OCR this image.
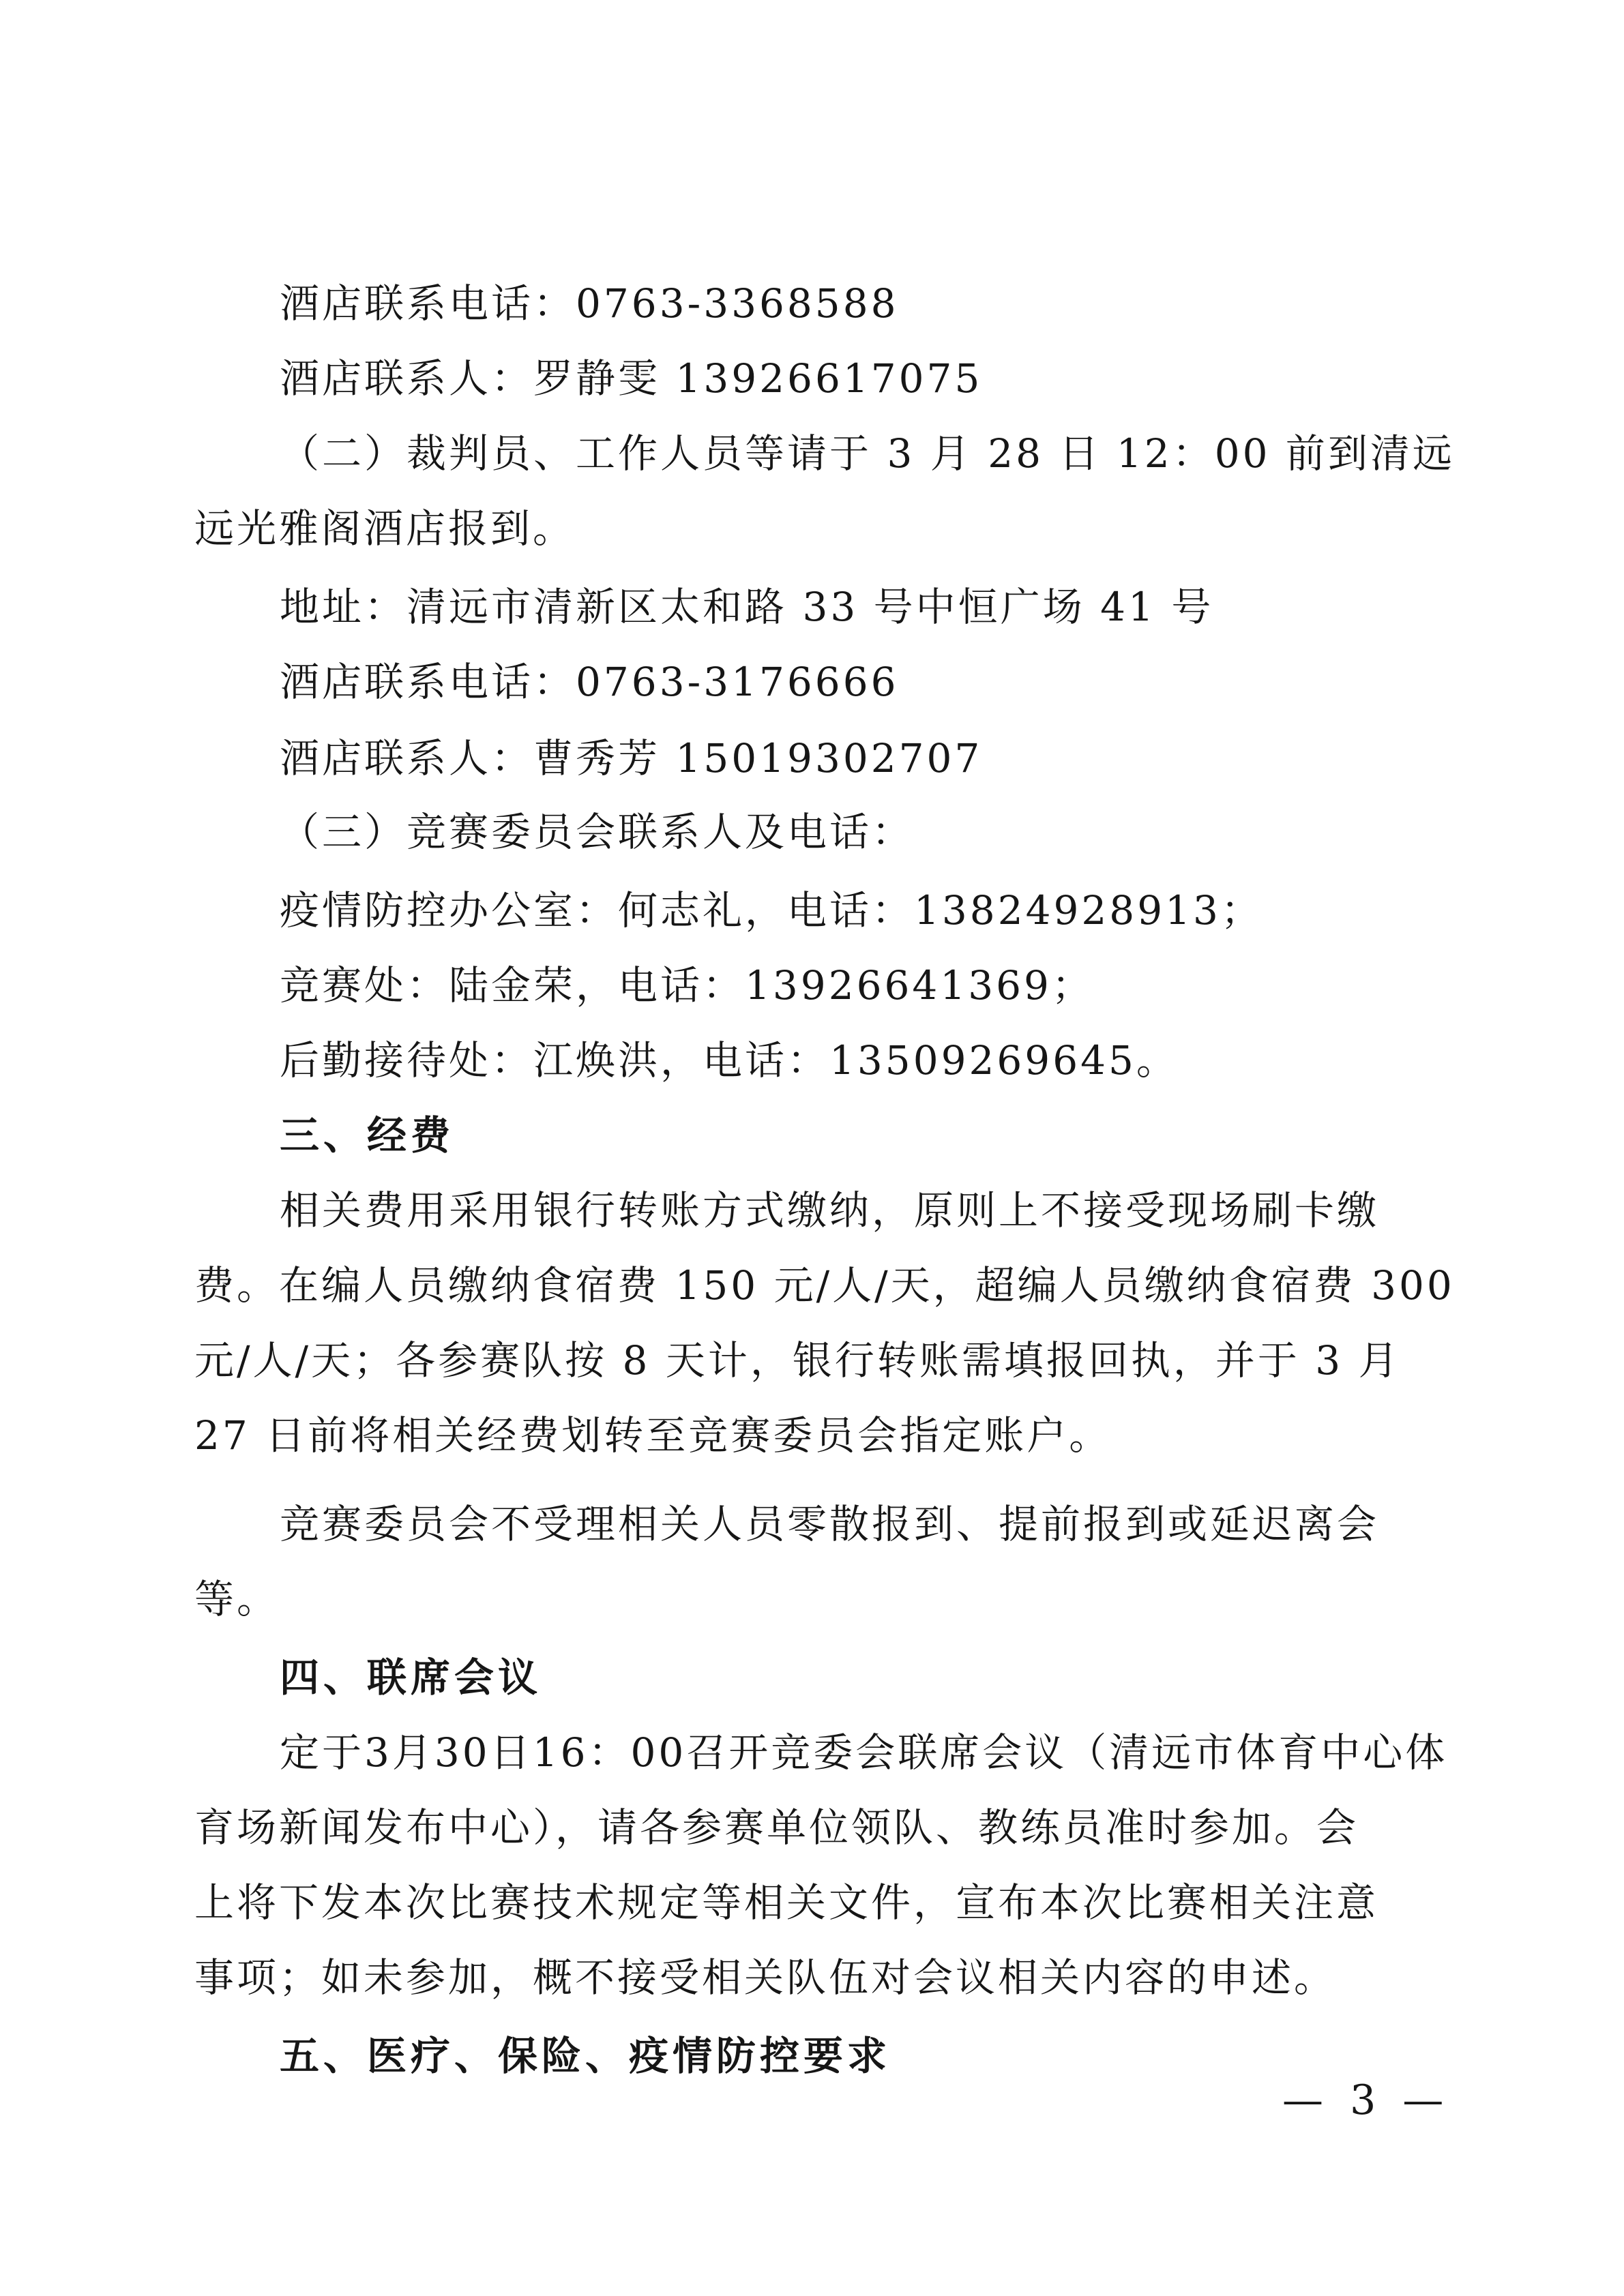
酒店联系电话：0763-3368588

酒店联系人：罗静雯 13926617075

（二）裁判员、工作人员等请于 3 月 28 日 12：00 前到清远

远光雅阁酒店报到。

地址：清远市清新区太和路 33 号中恒广场 41 号

酒店联系电话：0763-3176666

酒店联系人：曹秀芳 15019302707

（三）竞赛委员会联系人及电话：

疫情防控办公室：何志礼，电话：13824928913；

竞赛处：陆金荣，电话：13926641369；

后勤接待处：江焕洪，电话：13509269645。

三、经费

相关费用采用银行转账方式缴纳，原则上不接受现场刷卡缴

费。在编人员缴纳食宿费 150 元/人/天，超编人员缴纳食宿费 300

元/人/天；各参赛队按 8 天计，银行转账需填报回执，并于 3 月

27 日前将相关经费划转至竞赛委员会指定账户。

竞赛委员会不受理相关人员零散报到、提前报到或延迟离会

等。

四、联席会议

定于3月30日16：00召开竞委会联席会议（清远市体育中心体

育场新闻发布中心），请各参赛单位领队、教练员准时参加。会

上将下发本次比赛技术规定等相关文件，宣布本次比赛相关注意

事项；如未参加，概不接受相关队伍对会议相关内容的申述。

五、医疗、保险、疫情防控要求

— 3 —
